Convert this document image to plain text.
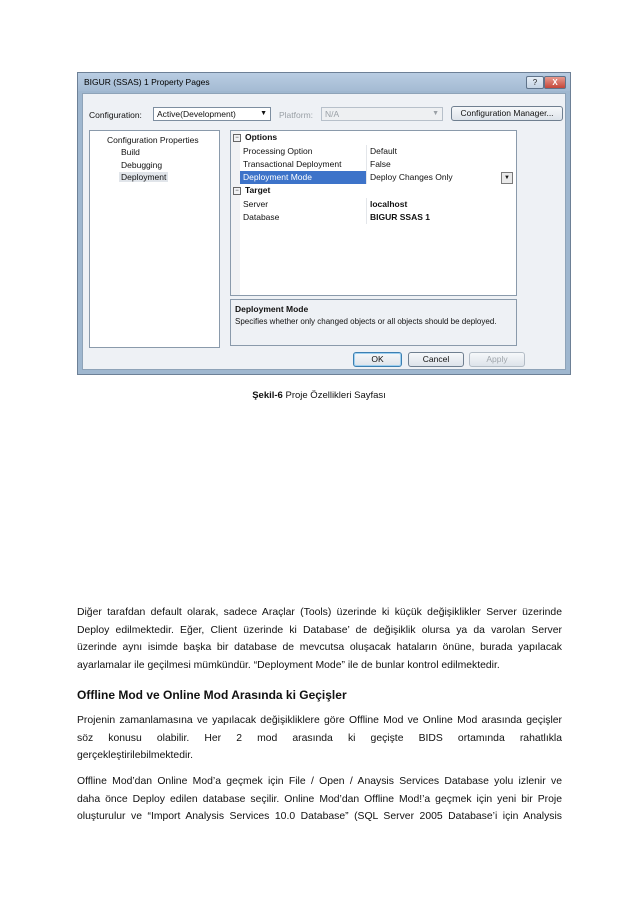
BIGUR (SSAS) 1 Property Pages	?	X
Configuration:	Active(Development)	▼ Platform:	N/A	▼	Configuration Manager...
Configuration Properties
Build
Debugging
Deployment
− Options
Processing Option	Default
Transactional Deployment	False
Deployment Mode	Deploy Changes Only	▼
− Target
Server	localhost
Database	BIGUR SSAS 1
Deployment Mode
Specifies whether only changed objects or all objects should be deployed.
OK	Cancel	Apply
Şekil-6 Proje Özellikleri Sayfası
Diğer tarafdan default olarak, sadece Araçlar (Tools) üzerinde ki küçük değişiklikler Server üzerinde
Deploy edilmektedir. Eğer, Client üzerinde ki Database’ de değişiklik olursa ya da varolan Server
üzerinde aynı isimde başka bir database de mevcutsa oluşacak hataların önüne, burada yapılacak
ayarlamalar ile geçilmesi mümkündür. “Deployment Mode” ile de bunlar kontrol edilmektedir.
Offline Mod ve Online Mod Arasında ki Geçişler
Projenin zamanlamasına ve yapılacak değişikliklere göre Offline Mod ve Online Mod arasında geçişler
söz konusu olabilir. Her 2 mod arasında ki geçişte BIDS ortamında rahatlıkla
gerçekleştirilebilmektedir.
Offline Mod’dan Online Mod’a geçmek için File / Open / Anaysis Services Database yolu izlenir ve
daha önce Deploy edilen database seçilir. Online Mod’dan Offline Mod!’a geçmek için yeni bir Proje
oluşturulur ve “Import Analysis Services 10.0 Database” (SQL Server 2005 Database’i için Analysis
